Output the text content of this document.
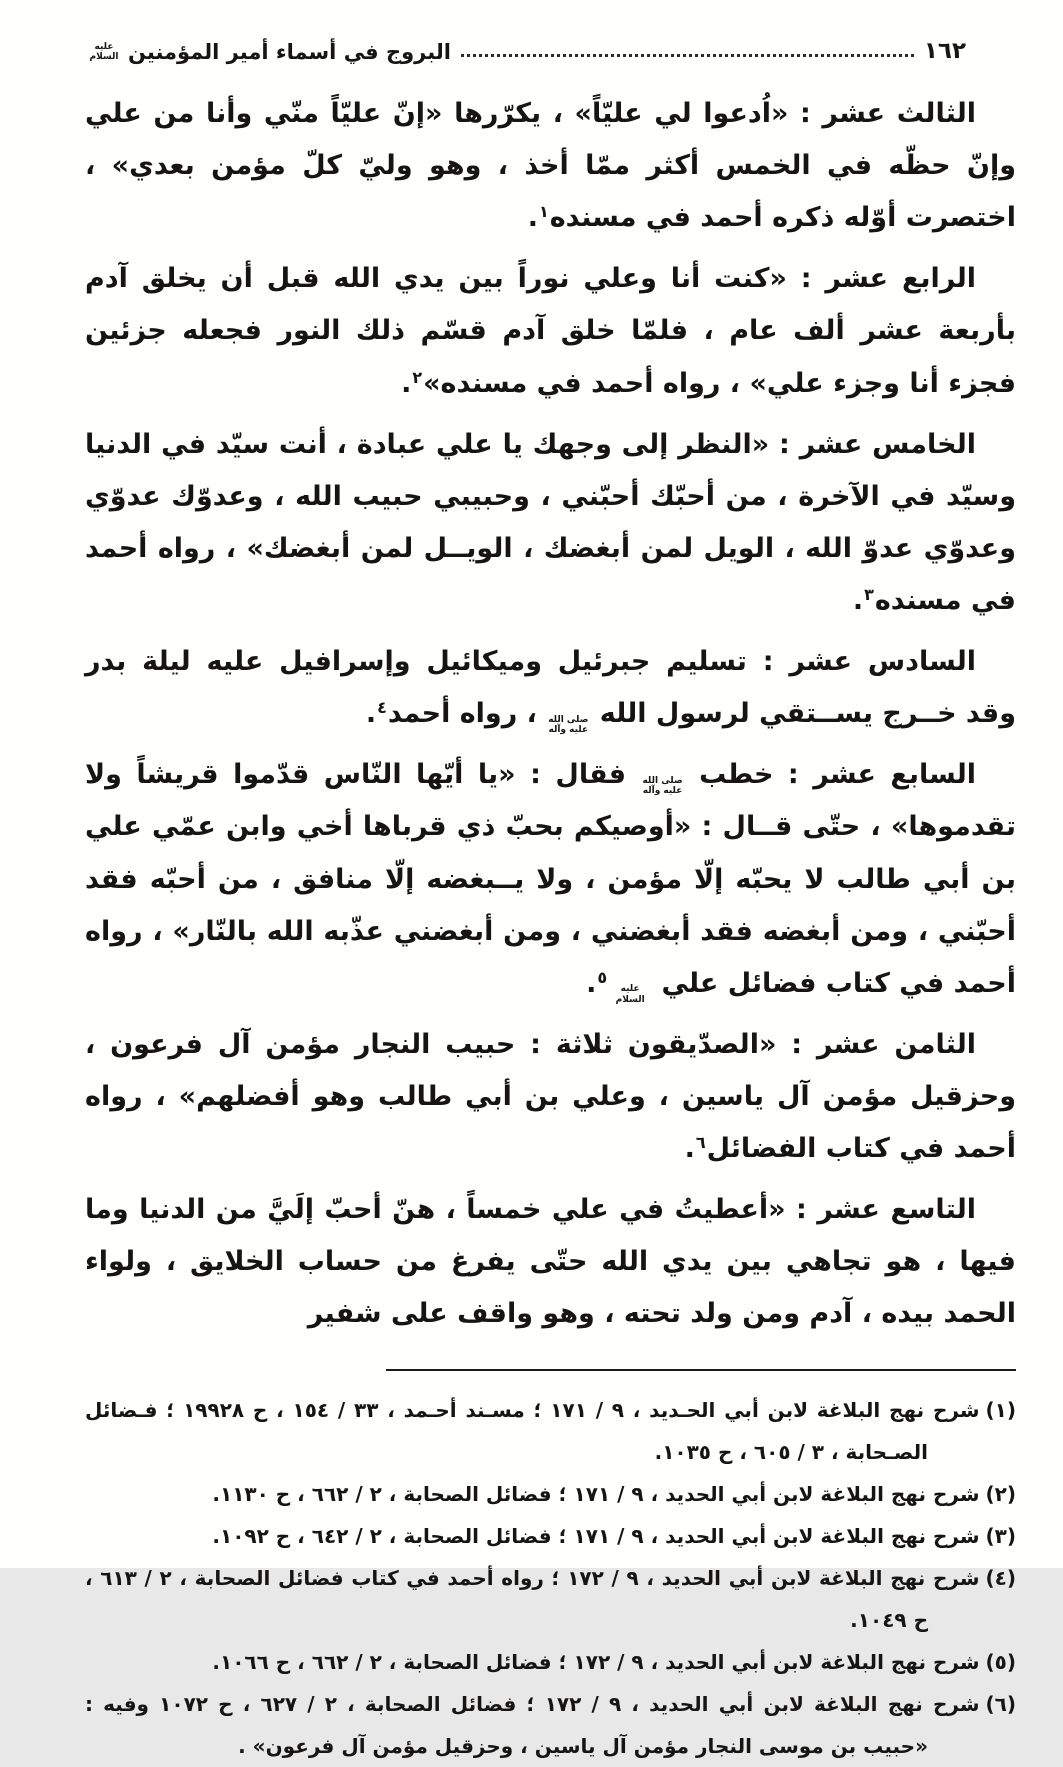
١٦٢
البروج في أسماء أمير المؤمنين
عليه السلام

الثالث عشر : «اُدعوا لي عليّاً» ، يكرّرها «إنّ عليّاً منّي وأنا من علي وإنّ حظّه في الخمس أكثر ممّا أخذ ، وهو وليّ كلّ مؤمن بعدي» ، اختصرت أوّله ذكره أحمد في مسنده$^١$.

الرابع عشر : «كنت أنا وعلي نوراً بين يدي الله قبل أن يخلق آدم بأربعة عشر ألف عام ، فلمّا خلق آدم قسّم ذلك النور فجعله جزئين فجزء أنا وجزء علي» ، رواه أحمد في مسنده»$^٢$.

الخامس عشر : «النظر إلى وجهك يا علي عبادة ، أنت سيّد في الدنيا وسيّد في الآخرة ، من أحبّك أحبّني ، وحبيبي حبيب الله ، وعدوّك عدوّي وعدوّي عدوّ الله ، الويل لمن أبغضك ، الويــل لمن أبغضك» ، رواه أحمد في مسنده$^٣$.

السادس عشر : تسليم جبرئيل وميكائيل وإسرافيل عليه ليلة بدر وقد خــرج يســتقي لرسول الله صلى الله عليه وآله ، رواه أحمد$^٤$.

السابع عشر : خطب صلى الله عليه وآله فقال : «يا أيّها النّاس قدّموا قريشاً ولا تقدموها» ، حتّى قــال : «أوصيكم بحبّ ذي قرباها أخي وابن عمّي علي بن أبي طالب لا يحبّه إلّا مؤمن ، ولا يــبغضه إلّا منافق ، من أحبّه فقد أحبّني ، ومن أبغضه فقد أبغضني ، ومن أبغضني عذّبه الله بالنّار» ، رواه أحمد في كتاب فضائل علي عليه السلام$^٥$.

الثامن عشر : «الصدّيقون ثلاثة : حبيب النجار مؤمن آل فرعون ، وحزقيل مؤمن آل ياسين ، وعلي بن أبي طالب وهو أفضلهم» ، رواه أحمد في كتاب الفضائل$^٦$.

التاسع عشر : «أعطيتُ في علي خمساً ، هنّ أحبّ إلَيَّ من الدنيا وما فيها ، هو تجاهي بين يدي الله حتّى يفرغ من حساب الخلايق ، ولواء الحمد بيده ، آدم ومن ولد تحته ، وهو واقف على شفير

(١)شرح نهج البلاغة لابن أبي الحـديد ، ٩ / ١٧١ ؛ مسـند أحـمد ، ٣٣ / ١٥٤ ، ح ١٩٩٢٨ ؛ فـضائل الصـحابة ، ٣ / ٦٠٥ ، ح ١٠٣٥.

(٢)شرح نهج البلاغة لابن أبي الحديد ، ٩ / ١٧١ ؛ فضائل الصحابة ، ٢ / ٦٦٢ ، ح ١١٣٠.

(٣)شرح نهج البلاغة لابن أبي الحديد ، ٩ / ١٧١ ؛ فضائل الصحابة ، ٢ / ٦٤٢ ، ح ١٠٩٢.

(٤)شرح نهج البلاغة لابن أبي الحديد ، ٩ / ١٧٢ ؛ رواه أحمد في كتاب فضائل الصحابة ، ٢ / ٦١٣ ، ح ١٠٤٩.

(٥)شرح نهج البلاغة لابن أبي الحديد ، ٩ / ١٧٢ ؛ فضائل الصحابة ، ٢ / ٦٦٢ ، ح ١٠٦٦.

(٦)شرح نهج البلاغة لابن أبي الحديد ، ٩ / ١٧٢ ؛ فضائل الصحابة ، ٢ / ٦٢٧ ، ح ١٠٧٢ وفيه : «حبيب بن موسى النجار مؤمن آل ياسين ، وحزقيل مؤمن آل فرعون» .
